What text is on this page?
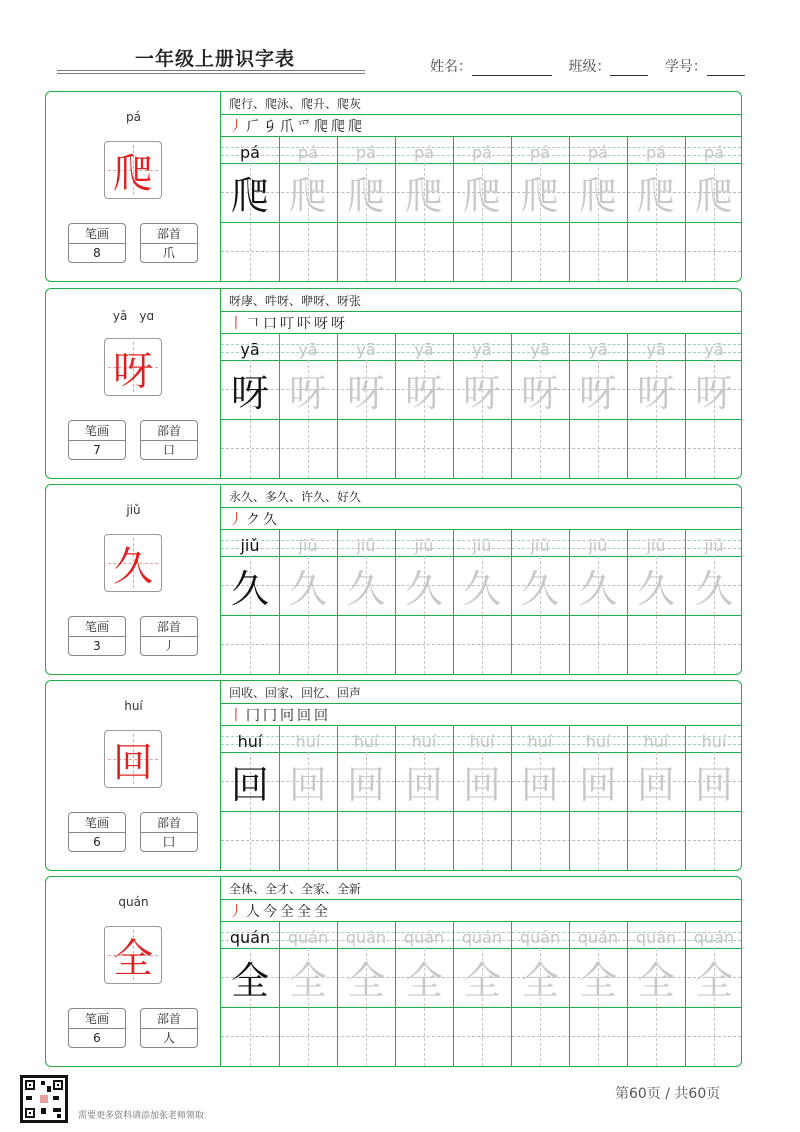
一年级上册识字表	姓名：	班级：	学号：
pá
爬
笔画
8
部首
爪
爬行、爬泳、爬升、爬灰
丿 𠂆 𠂎 爪 爫 爬 爬 爬
pá
爬
pá
爬
pá
爬
pá
爬
pá
爬
pá
爬
pá
爬
pá
爬
pá
爬
yā　yɑ
呀
笔画
7
部首
口
呀庨、吽呀、咿呀、呀张
丨 𠃍 口 叮 吓 呀 呀
yā
呀
yā
呀
yā
呀
yā
呀
yā
呀
yā
呀
yā
呀
yā
呀
yā
呀
jiǔ
久
笔画
3
部首
丿
永久、多久、许久、好久
丿 ク 久
jiǔ
久
jiǔ
久
jiǔ
久
jiǔ
久
jiǔ
久
jiǔ
久
jiǔ
久
jiǔ
久
jiǔ
久
huí
回
笔画
6
部首
囗
回收、回家、回忆、回声
丨 冂 冂 冋 回 回
huí
回
huí
回
huí
回
huí
回
huí
回
huí
回
huí
回
huí
回
huí
回
quán
全
笔画
6
部首
人
全体、全才、全家、全新
丿 人 今 全 全 全
quán
全
quán
全
quán
全
quán
全
quán
全
quán
全
quán
全
quán
全
quán
全
需要更多资料请添加张老师领取
第60页 / 共60页
